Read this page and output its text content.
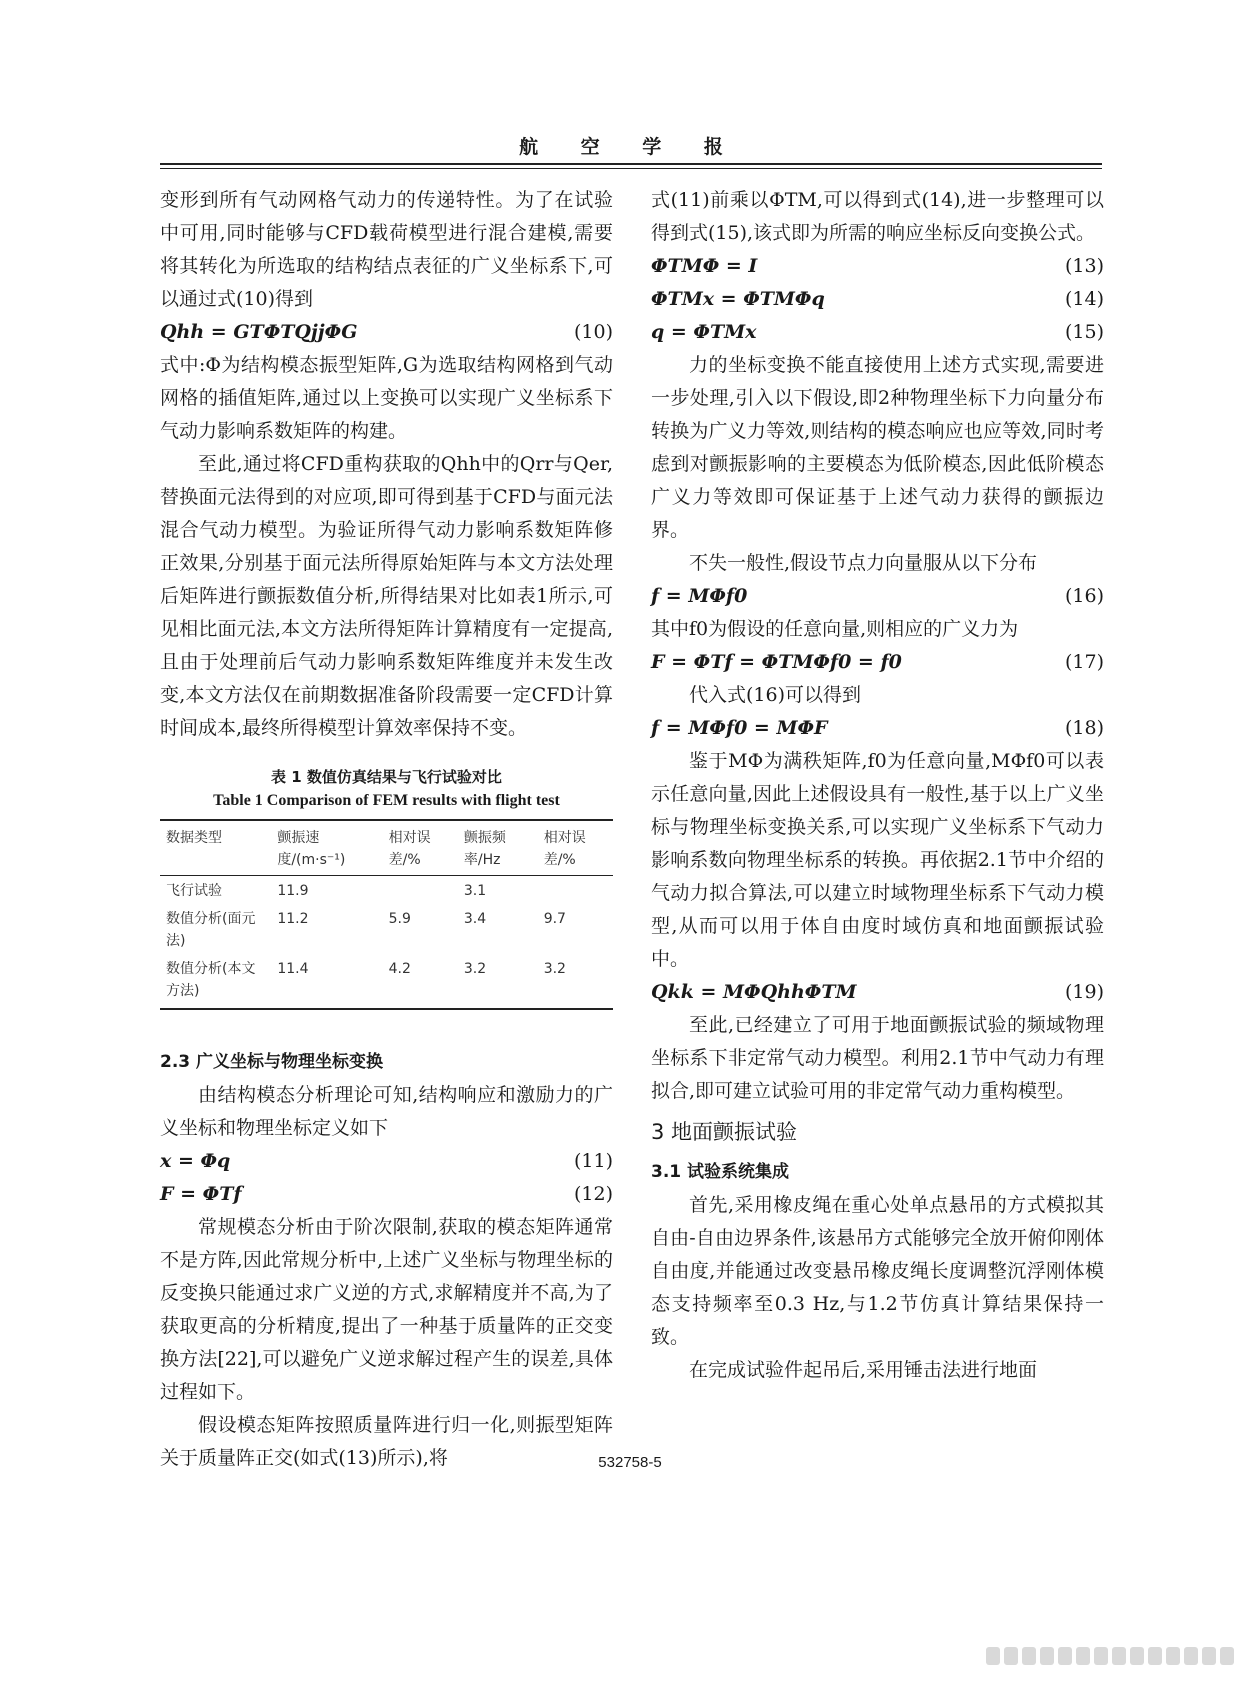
航 空 学 报

变形到所有气动网格气动力的传递特性。为了在试验中可用,同时能够与CFD载荷模型进行混合建模,需要将其转化为所选取的结构结点表征的广义坐标系下,可以通过式(10)得到

Qhh = GTΦTQjjΦG	(10)

式中:Φ为结构模态振型矩阵,G为选取结构网格到气动网格的插值矩阵,通过以上变换可以实现广义坐标系下气动力影响系数矩阵的构建。

至此,通过将CFD重构获取的Qhh中的Qrr与Qer,替换面元法得到的对应项,即可得到基于CFD与面元法混合气动力模型。为验证所得气动力影响系数矩阵修正效果,分别基于面元法所得原始矩阵与本文方法处理后矩阵进行颤振数值分析,所得结果对比如表1所示,可见相比面元法,本文方法所得矩阵计算精度有一定提高,且由于处理前后气动力影响系数矩阵维度并未发生改变,本文方法仅在前期数据准备阶段需要一定CFD计算时间成本,最终所得模型计算效率保持不变。

表 1 数值仿真结果与飞行试验对比
Table 1 Comparison of FEM results with flight test
数据类型	颤振速度/(m·s⁻¹)	相对误差/%	颤振频率/Hz	相对误差/%
飞行试验	11.9		3.1	
数值分析(面元法)	11.2	5.9	3.4	9.7
数值分析(本文方法)	11.4	4.2	3.2	3.2
2.3 广义坐标与物理坐标变换

由结构模态分析理论可知,结构响应和激励力的广义坐标和物理坐标定义如下

x = Φq	(11)
F = ΦTf	(12)

常规模态分析由于阶次限制,获取的模态矩阵通常不是方阵,因此常规分析中,上述广义坐标与物理坐标的反变换只能通过求广义逆的方式,求解精度并不高,为了获取更高的分析精度,提出了一种基于质量阵的正交变换方法[22],可以避免广义逆求解过程产生的误差,具体过程如下。

假设模态矩阵按照质量阵进行归一化,则振型矩阵关于质量阵正交(如式(13)所示),将

式(11)前乘以ΦTM,可以得到式(14),进一步整理可以得到式(15),该式即为所需的响应坐标反向变换公式。

ΦTMΦ = I	(13)
ΦTMx = ΦTMΦq	(14)
q = ΦTMx	(15)

力的坐标变换不能直接使用上述方式实现,需要进一步处理,引入以下假设,即2种物理坐标下力向量分布转换为广义力等效,则结构的模态响应也应等效,同时考虑到对颤振影响的主要模态为低阶模态,因此低阶模态广义力等效即可保证基于上述气动力获得的颤振边界。

不失一般性,假设节点力向量服从以下分布

f = MΦf0	(16)

其中f0为假设的任意向量,则相应的广义力为

F = ΦTf = ΦTMΦf0 = f0	(17)

代入式(16)可以得到

f = MΦf0 = MΦF	(18)

鉴于MΦ为满秩矩阵,f0为任意向量,MΦf0可以表示任意向量,因此上述假设具有一般性,基于以上广义坐标与物理坐标变换关系,可以实现广义坐标系下气动力影响系数向物理坐标系的转换。再依据2.1节中介绍的气动力拟合算法,可以建立时域物理坐标系下气动力模型,从而可以用于体自由度时域仿真和地面颤振试验中。

Qkk = MΦQhhΦTM	(19)

至此,已经建立了可用于地面颤振试验的频域物理坐标系下非定常气动力模型。利用2.1节中气动力有理拟合,即可建立试验可用的非定常气动力重构模型。

3 地面颤振试验
3.1 试验系统集成

首先,采用橡皮绳在重心处单点悬吊的方式模拟其自由-自由边界条件,该悬吊方式能够完全放开俯仰刚体自由度,并能通过改变悬吊橡皮绳长度调整沉浮刚体模态支持频率至0.3 Hz,与1.2节仿真计算结果保持一致。

在完成试验件起吊后,采用锤击法进行地面

532758-5
